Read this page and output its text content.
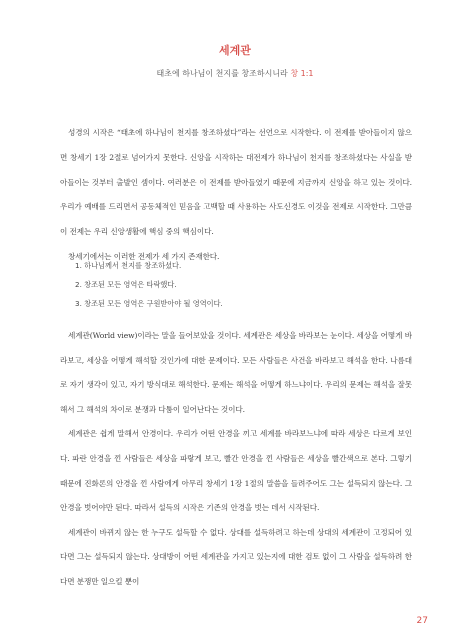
세계관
태초에 하나님이 천지를 창조하시니라 창 1:1

성경의 시작은 “태초에 하나님이 천지를 창조하셨다”라는 선언으로 시작한다. 이 전제를 받아들이지 않으면 창세기 1장 2절로 넘어가지 못한다. 신앙을 시작하는 대전제가 하나님이 천지를 창조하셨다는 사실을 받아들이는 것부터 출발인 셈이다. 여러분은 이 전제를 받아들였기 때문에 지금까지 신앙을 하고 있는 것이다. 우리가 예배를 드리면서 공동체적인 믿음을 고백할 때 사용하는 사도신경도 이것을 전제로 시작한다. 그만큼 이 전제는 우리 신앙생활에 핵심 중의 핵심이다.

창세기에서는 이러한 전제가 세 가지 존재한다.

1. 하나님께서 천지를 창조하셨다.
2. 창조된 모든 영역은 타락했다.
3. 창조된 모든 영역은 구원받아야 될 영역이다.

세계관(World view)이라는 말을 들어보았을 것이다. 세계관은 세상을 바라보는 눈이다. 세상을 어떻게 바라보고, 세상을 어떻게 해석할 것인가에 대한 문제이다. 모든 사람들은 사건을 바라보고 해석을 한다. 나름대로 자기 생각이 있고, 자기 방식대로 해석한다. 문제는 해석을 어떻게 하느냐이다. 우리의 문제는 해석을 잘못해서 그 해석의 차이로 분쟁과 다툼이 일어난다는 것이다.

세계관은 쉽게 말해서 안경이다. 우리가 어떤 안경을 끼고 세계를 바라보느냐에 따라 세상은 다르게 보인다. 파란 안경을 낀 사람들은 세상을 파랗게 보고, 빨간 안경을 낀 사람들은 세상을 빨간색으로 본다. 그렇기 때문에 진화론의 안경을 낀 사람에게 아무리 창세기 1장 1절의 말씀을 들려주어도 그는 설득되지 않는다. 그 안경을 벗어야만 된다. 따라서 설득의 시작은 기존의 안경을 벗는 데서 시작된다.

세계관이 바뀌지 않는 한 누구도 설득할 수 없다. 상대를 설득하려고 하는데 상대의 세계관이 고정되어 있다면 그는 설득되지 않는다. 상대방이 어떤 세계관을 가지고 있는지에 대한 검토 없이 그 사람을 설득하려 한다면 분쟁만 일으킬 뿐이

27
